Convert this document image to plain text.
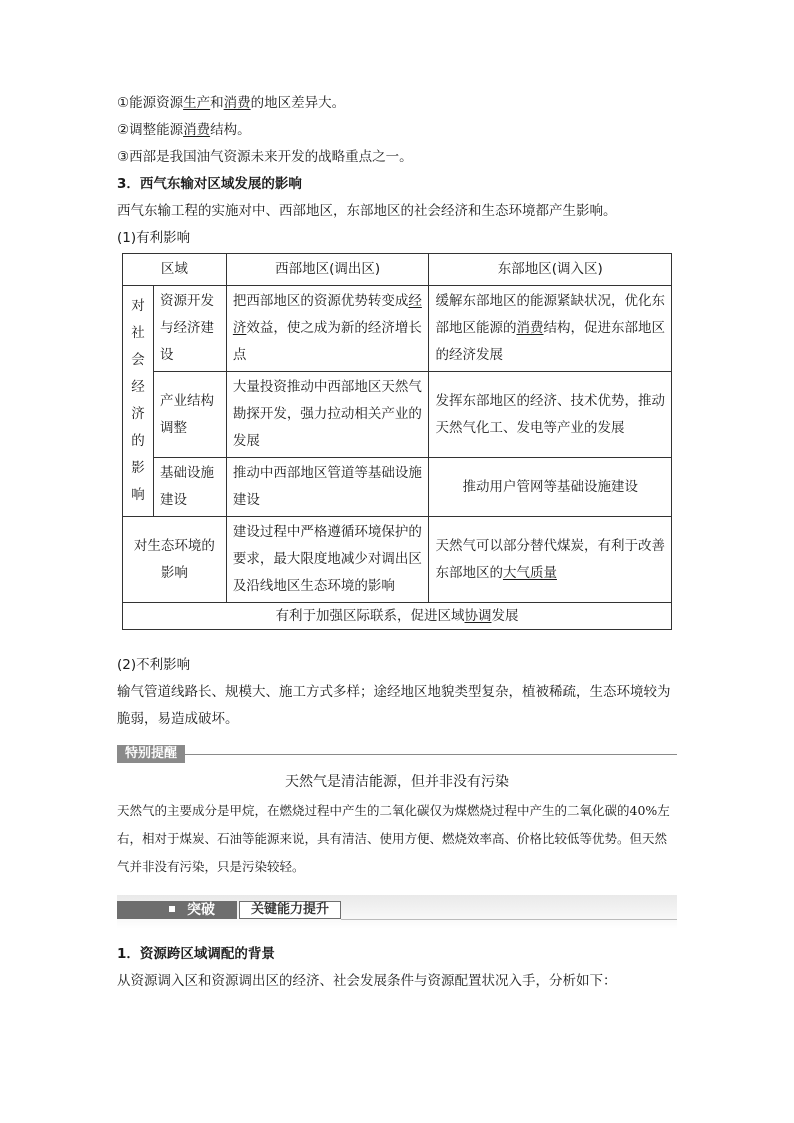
①能源资源生产和消费的地区差异大。
②调整能源消费结构。
③西部是我国油气资源未来开发的战略重点之一。
3．西气东输对区域发展的影响
西气东输工程的实施对中、西部地区，东部地区的社会经济和生态环境都产生影响。
(1)有利影响
区域		西部地区(调出区)	东部地区(调入区)
对社会经济的影响	资源开发与经济建设	把西部地区的资源优势转变成经济效益，使之成为新的经济增长点	缓解东部地区的能源紧缺状况，优化东部地区能源的消费结构，促进东部地区的经济发展
	产业结构调整	大量投资推动中西部地区天然气勘探开发，强力拉动相关产业的发展	发挥东部地区的经济、技术优势，推动天然气化工、发电等产业的发展
	基础设施建设	推动中西部地区管道等基础设施建设	推动用户管网等基础设施建设
对生态环境的影响		建设过程中严格遵循环境保护的要求，最大限度地减少对调出区及沿线地区生态环境的影响	天然气可以部分替代煤炭，有利于改善东部地区的大气质量
有利于加强区际联系，促进区域协调发展			
(2)不利影响
输气管道线路长、规模大、施工方式多样；途经地区地貌类型复杂，植被稀疏，生态环境较为脆弱，易造成破坏。
特别提醒
天然气是清洁能源，但并非没有污染
天然气的主要成分是甲烷，在燃烧过程中产生的二氧化碳仅为煤燃烧过程中产生的二氧化碳的40%左右，相对于煤炭、石油等能源来说，具有清洁、使用方便、燃烧效率高、价格比较低等优势。但天然气并非没有污染，只是污染较轻。
突破	关键能力提升
1．资源跨区域调配的背景
从资源调入区和资源调出区的经济、社会发展条件与资源配置状况入手，分析如下：
